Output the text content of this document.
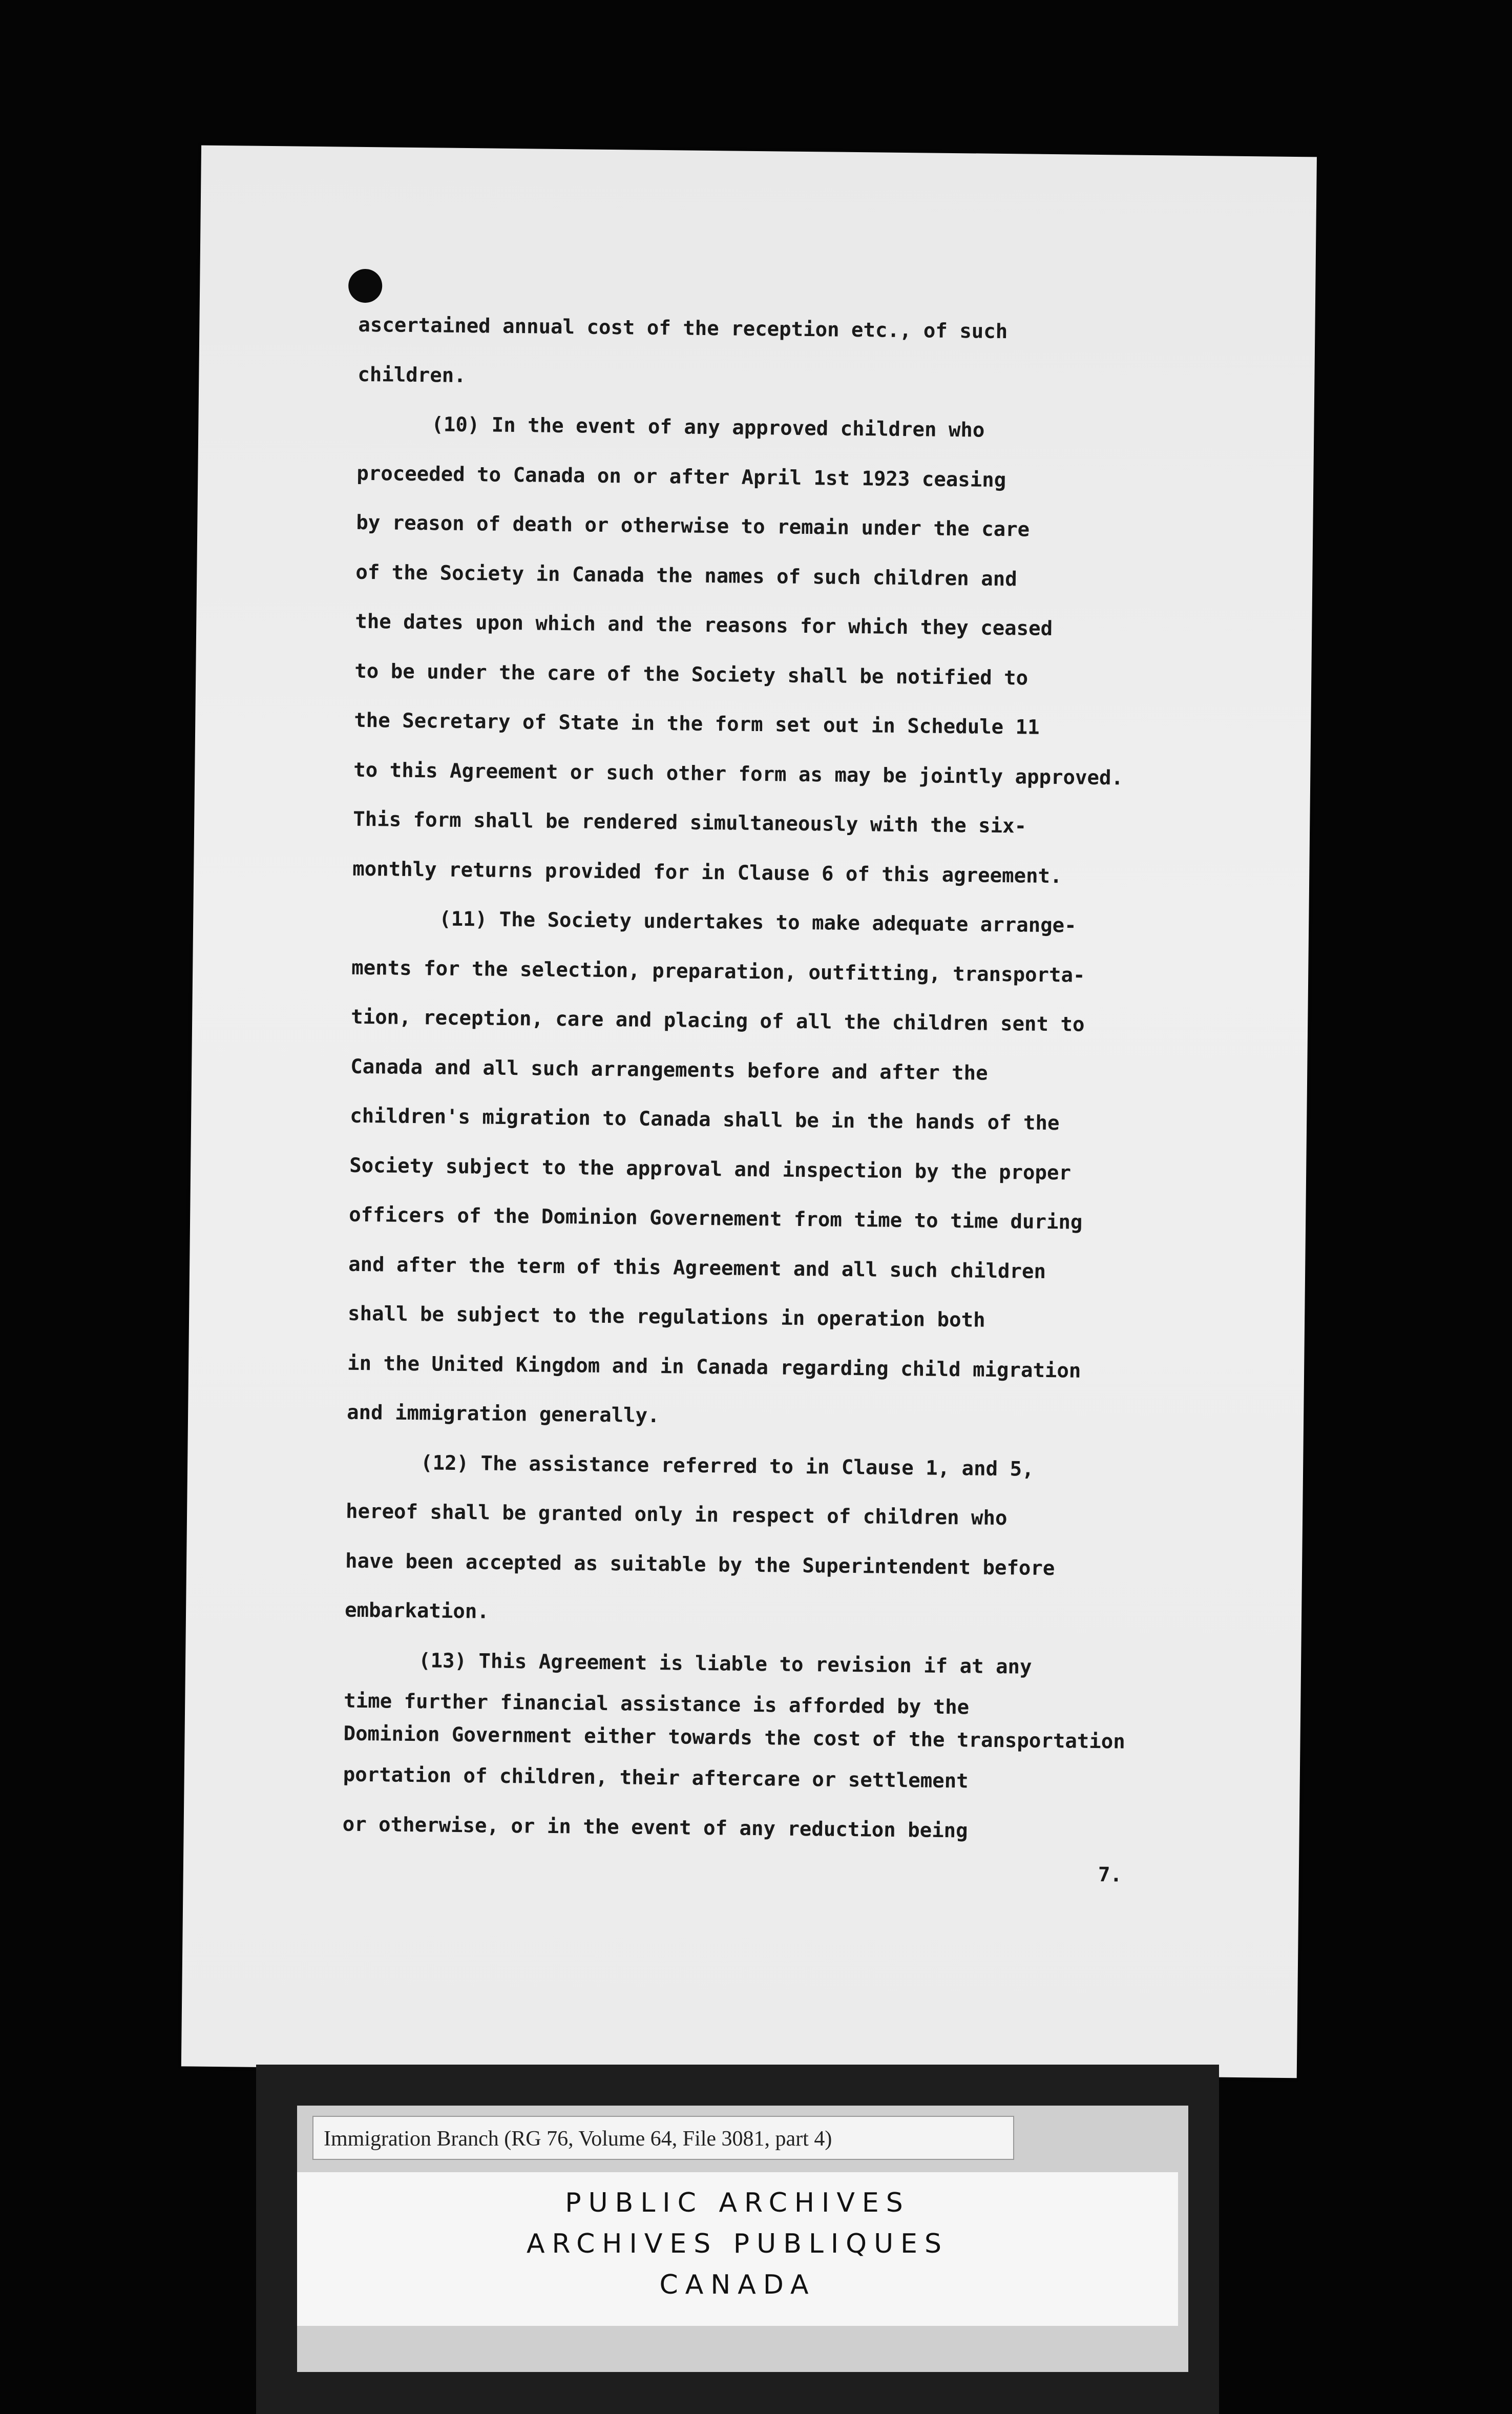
ascertained annual cost of the reception etc., of such
children.
(10) In the event of any approved children who
proceeded to Canada on or after April 1st 1923 ceasing
by reason of death or otherwise to remain under the care
of the Society in Canada the names of such children and
the dates upon which and the reasons for which they ceased
to be under the care of the Society shall be notified to
the Secretary of State in the form set out in Schedule 11
to this Agreement or such other form as may be jointly approved.
This form shall be rendered simultaneously with the six-
monthly returns provided for in Clause 6 of this agreement.
(11) The Society undertakes to make adequate arrange-
ments for the selection, preparation, outfitting, transporta-
tion, reception, care and placing of all the children sent to
Canada and all such arrangements before and after the
children's migration to Canada shall be in the hands of the
Society subject to the approval and inspection by the proper
officers of the Dominion Governement from time to time during
and after the term of this Agreement and all such children
shall be subject to the regulations in operation both
in the United Kingdom and in Canada regarding child migration
and immigration generally.
(12) The assistance referred to in Clause 1, and 5,
hereof shall be granted only in respect of children who
have been accepted as suitable by the Superintendent before
embarkation.
(13) This Agreement is liable to revision if at any
time further financial assistance is afforded by the
Dominion Government either towards the cost of the transportation
portation of children, their aftercare or settlement
or otherwise, or in the event of any reduction being
7.
Immigration Branch (RG 76, Volume 64, File 3081, part 4)
PUBLIC ARCHIVES
ARCHIVES PUBLIQUES
CANADA
